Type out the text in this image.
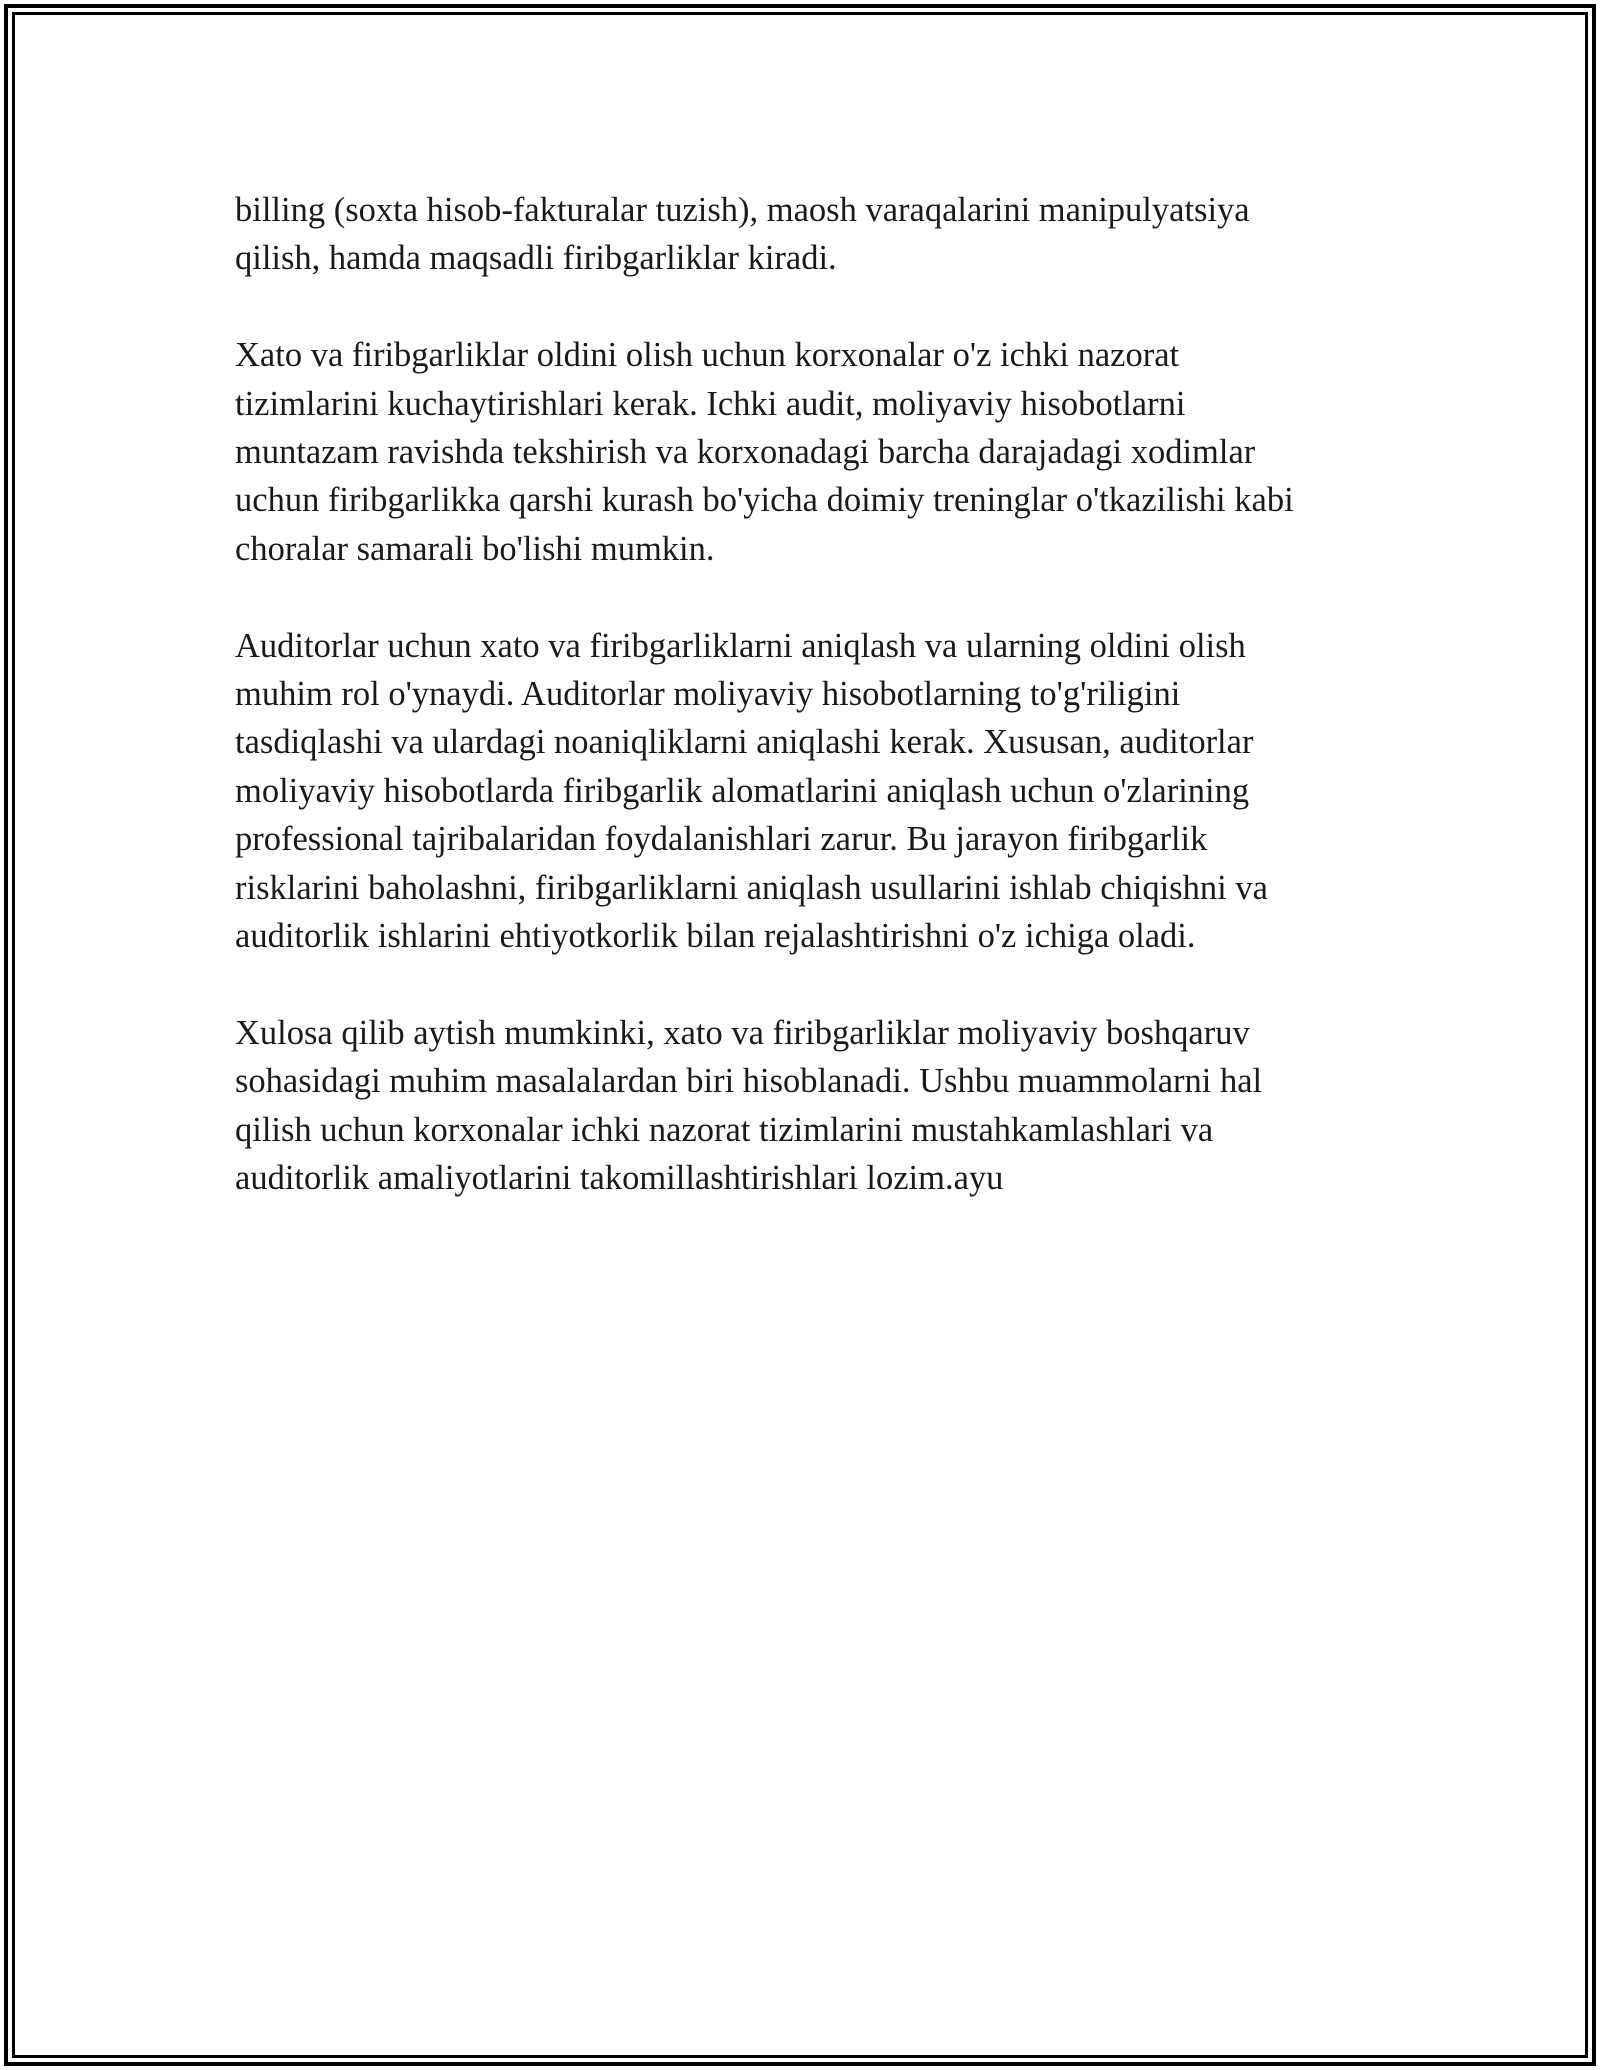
billing (soxta hisob-fakturalar tuzish), maosh varaqalarini manipulyatsiya
qilish, hamda maqsadli firibgarliklar kiradi.

Xato va firibgarliklar oldini olish uchun korxonalar o'z ichki nazorat
tizimlarini kuchaytirishlari kerak. Ichki audit, moliyaviy hisobotlarni
muntazam ravishda tekshirish va korxonadagi barcha darajadagi xodimlar
uchun firibgarlikka qarshi kurash bo'yicha doimiy treninglar o'tkazilishi kabi
choralar samarali bo'lishi mumkin.

Auditorlar uchun xato va firibgarliklarni aniqlash va ularning oldini olish
muhim rol o'ynaydi. Auditorlar moliyaviy hisobotlarning to'g'riligini
tasdiqlashi va ulardagi noaniqliklarni aniqlashi kerak. Xususan, auditorlar
moliyaviy hisobotlarda firibgarlik alomatlarini aniqlash uchun o'zlarining
professional tajribalaridan foydalanishlari zarur. Bu jarayon firibgarlik
risklarini baholashni, firibgarliklarni aniqlash usullarini ishlab chiqishni va
auditorlik ishlarini ehtiyotkorlik bilan rejalashtirishni o'z ichiga oladi.

Xulosa qilib aytish mumkinki, xato va firibgarliklar moliyaviy boshqaruv
sohasidagi muhim masalalardan biri hisoblanadi. Ushbu muammolarni hal
qilish uchun korxonalar ichki nazorat tizimlarini mustahkamlashlari va
auditorlik amaliyotlarini takomillashtirishlari lozim.ayu
